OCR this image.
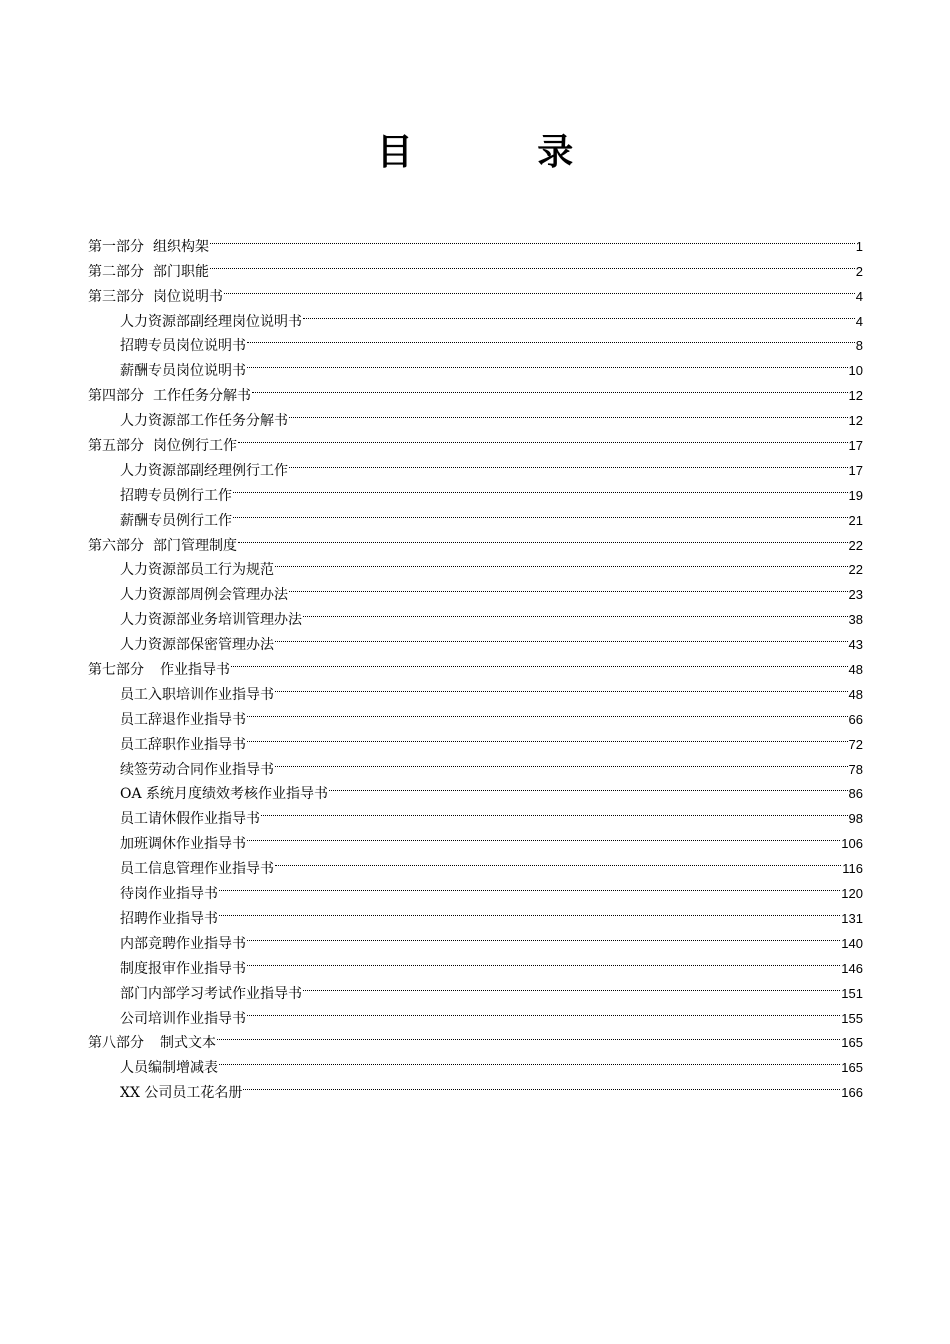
目 录
第一部分 组织构架	1
第二部分 部门职能	2
第三部分 岗位说明书	4
人力资源部副经理岗位说明书	4
招聘专员岗位说明书	8
薪酬专员岗位说明书	10
第四部分 工作任务分解书	12
人力资源部工作任务分解书	12
第五部分 岗位例行工作	17
人力资源部副经理例行工作	17
招聘专员例行工作	19
薪酬专员例行工作	21
第六部分 部门管理制度	22
人力资源部员工行为规范	22
人力资源部周例会管理办法	23
人力资源部业务培训管理办法	38
人力资源部保密管理办法	43
第七部分 作业指导书	48
员工入职培训作业指导书	48
员工辞退作业指导书	66
员工辞职作业指导书	72
续签劳动合同作业指导书	78
OA 系统月度绩效考核作业指导书	86
员工请休假作业指导书	98
加班调休作业指导书	106
员工信息管理作业指导书	116
待岗作业指导书	120
招聘作业指导书	131
内部竞聘作业指导书	140
制度报审作业指导书	146
部门内部学习考试作业指导书	151
公司培训作业指导书	155
第八部分 制式文本	165
人员编制增减表	165
XX 公司员工花名册	166
